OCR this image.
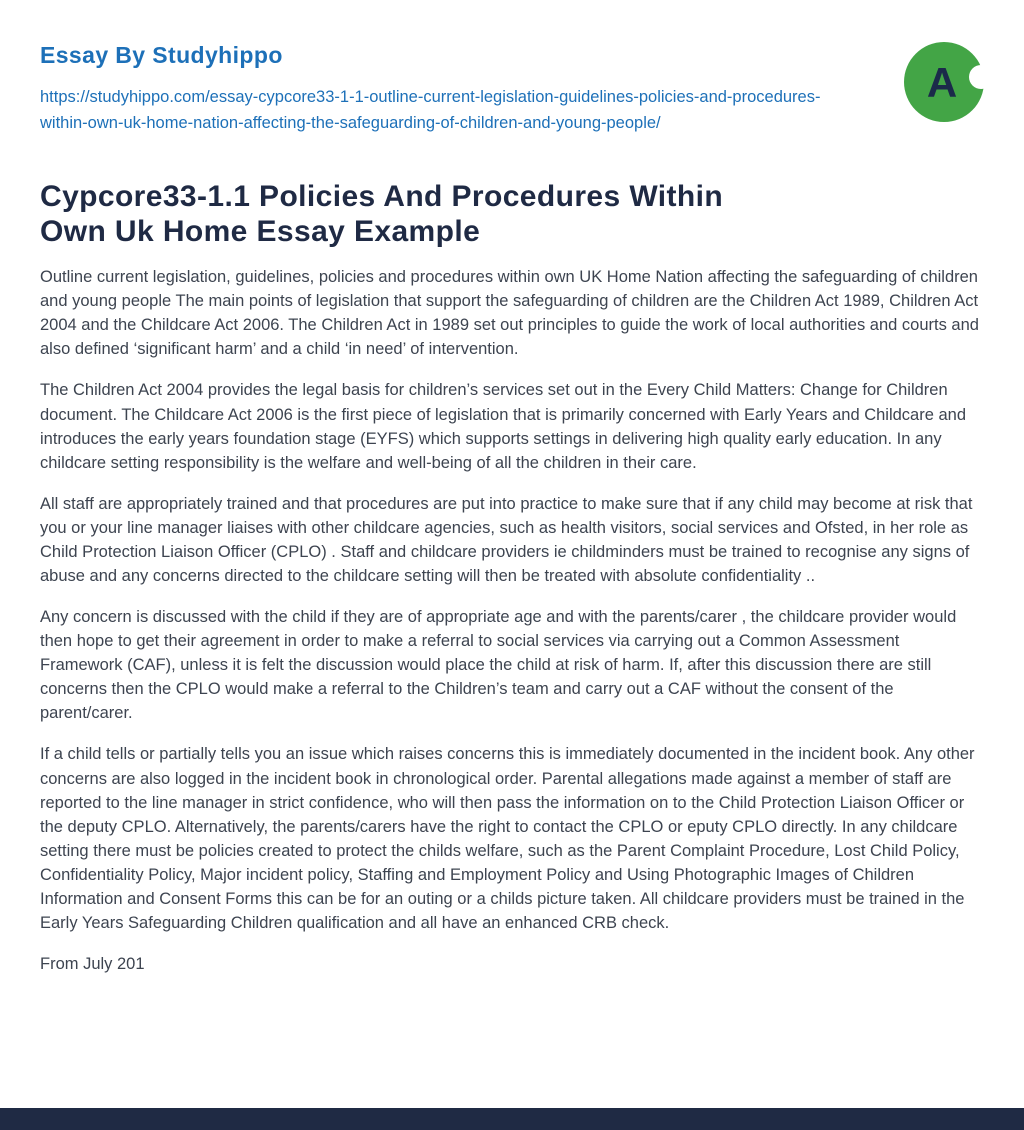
Essay By Studyhippo
https://studyhippo.com/essay-cypcore33-1-1-outline-current-legislation-guidelines-policies-and-procedures-within-own-uk-home-nation-affecting-the-safeguarding-of-children-and-young-people/
A
Cypcore33-1.1 Policies And Procedures Within Own Uk Home Essay Example

Outline current legislation, guidelines, policies and procedures within own UK Home Nation affecting the safeguarding of children and young people The main points of legislation that support the safeguarding of children are the Children Act 1989, Children Act 2004 and the Childcare Act 2006. The Children Act in 1989 set out principles to guide the work of local authorities and courts and also defined ‘significant harm’ and a child ‘in need’ of intervention.

The Children Act 2004 provides the legal basis for children’s services set out in the Every Child Matters: Change for Children document. The Childcare Act 2006 is the first piece of legislation that is primarily concerned with Early Years and Childcare and introduces the early years foundation stage (EYFS) which supports settings in delivering high quality early education. In any childcare setting responsibility is the welfare and well-being of all the children in their care.

All staff are appropriately trained and that procedures are put into practice to make sure that if any child may become at risk that you or your line manager liaises with other childcare agencies, such as health visitors, social services and Ofsted, in her role as Child Protection Liaison Officer (CPLO) . Staff and childcare providers ie childminders must be trained to recognise any signs of abuse and any concerns directed to the childcare setting will then be treated with absolute confidentiality ..

Any concern is discussed with the child if they are of appropriate age and with the parents/carer , the childcare provider would then hope to get their agreement in order to make a referral to social services via carrying out a Common Assessment Framework (CAF), unless it is felt the discussion would place the child at risk of harm. If, after this discussion there are still concerns then the CPLO would make a referral to the Children’s team and carry out a CAF without the consent of the parent/carer.

If a child tells or partially tells you an issue which raises concerns this is immediately documented in the incident book. Any other concerns are also logged in the incident book in chronological order. Parental allegations made against a member of staff are reported to the line manager in strict confidence, who will then pass the information on to the Child Protection Liaison Officer or the deputy CPLO. Alternatively, the parents/carers have the right to contact the CPLO or eputy CPLO directly. In any childcare setting there must be policies created to protect the childs welfare, such as the Parent Complaint Procedure, Lost Child Policy, Confidentiality Policy, Major incident policy, Staffing and Employment Policy and Using Photographic Images of Children Information and Consent Forms this can be for an outing or a childs picture taken. All childcare providers must be trained in the Early Years Safeguarding Children qualification and all have an enhanced CRB check.

From July 201
